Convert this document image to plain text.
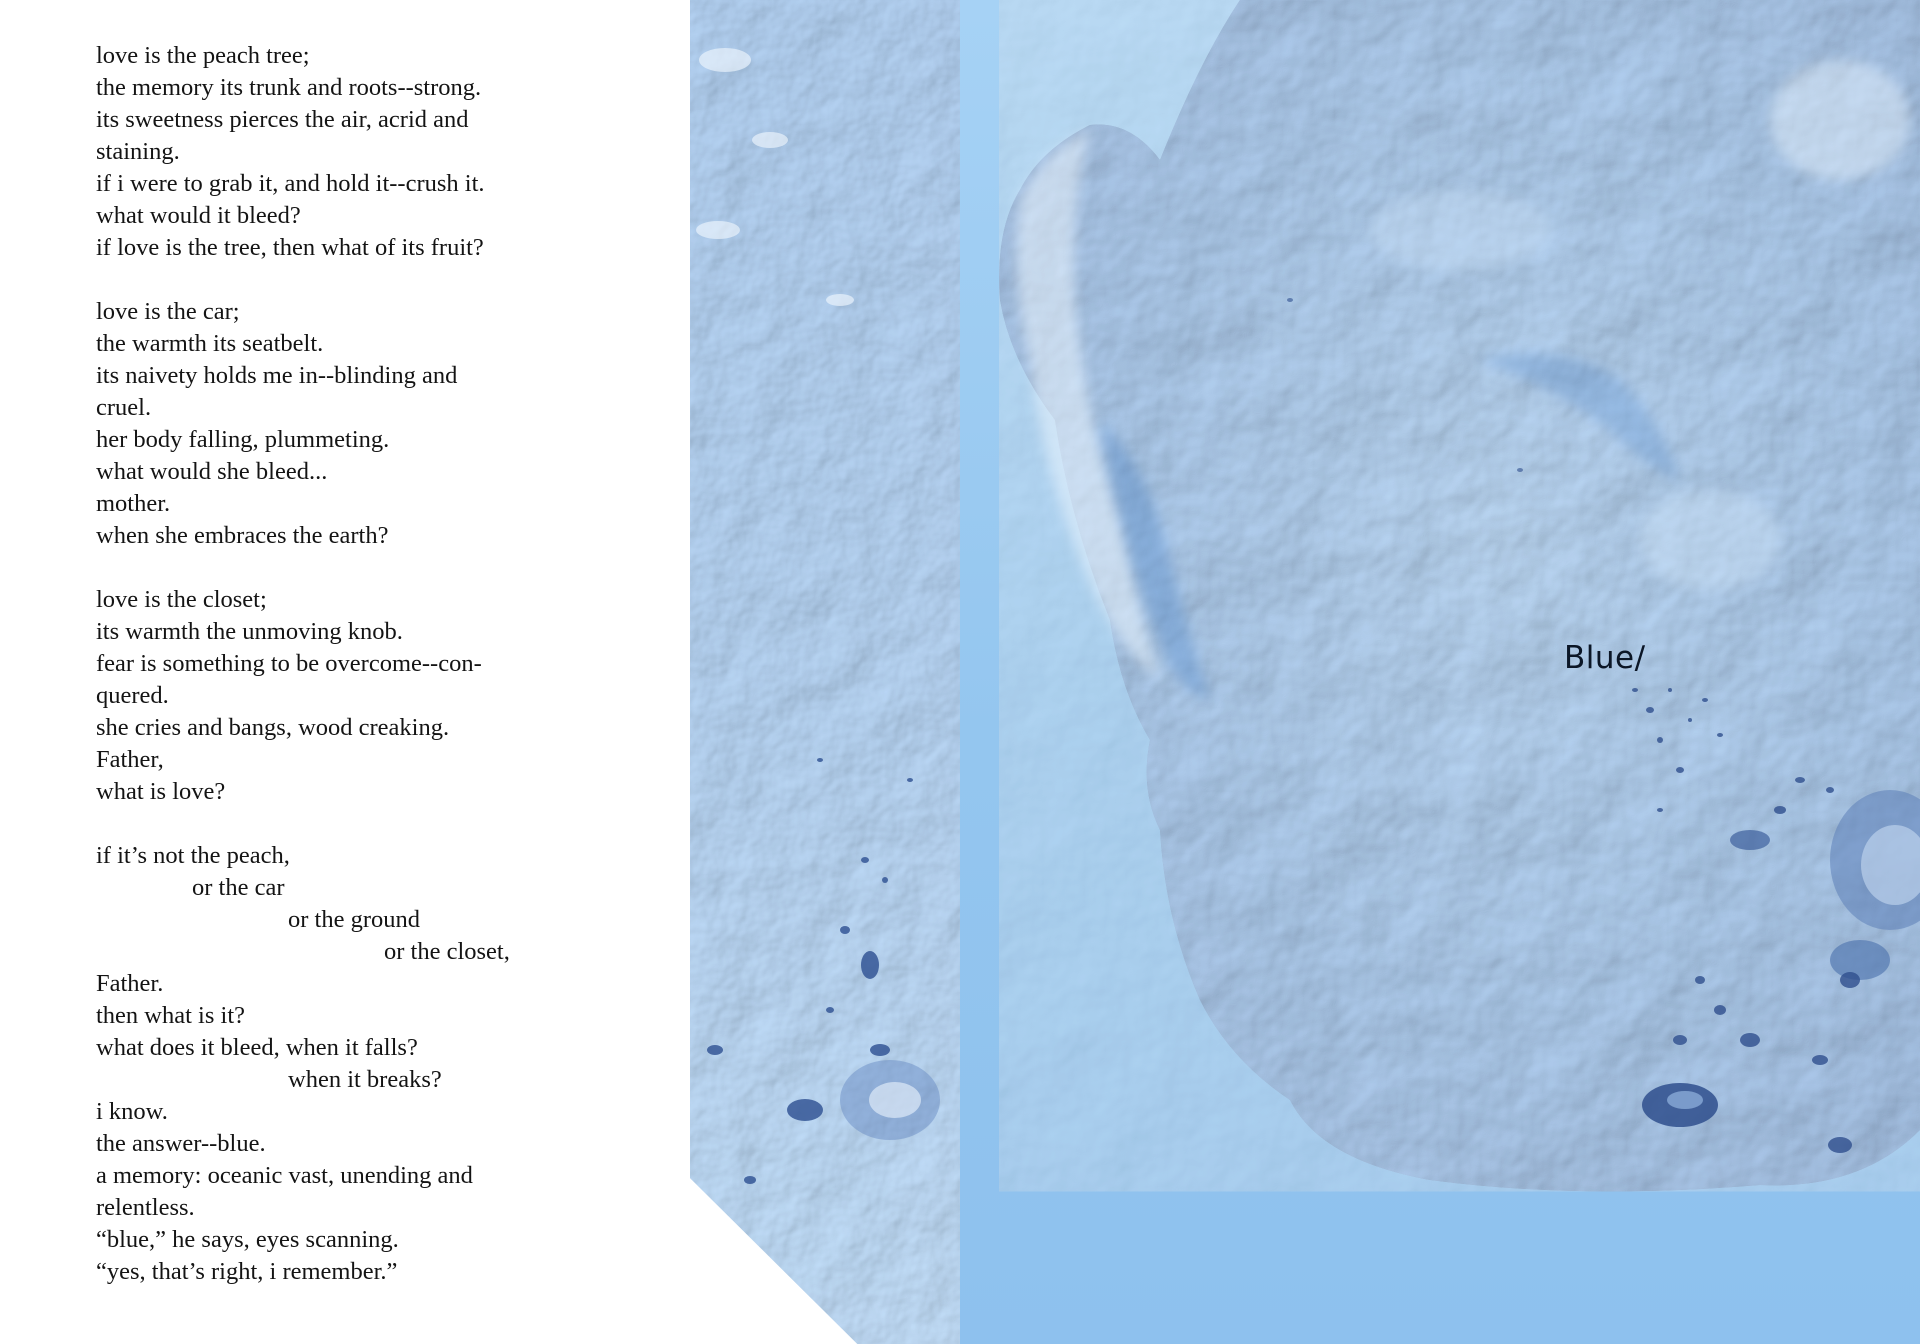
love is the peach tree;
the memory its trunk and roots--strong.
its sweetness pierces the air, acrid and
staining.
if i were to grab it, and hold it--crush it.
what would it bleed?
if love is the tree, then what of its fruit?
love is the car;
the warmth its seatbelt.
its naivety holds me in--blinding and
cruel.
her body falling, plummeting.
what would she bleed...
mother.
when she embraces the earth?
love is the closet;
its warmth the unmoving knob.
fear is something to be overcome--con-
quered.
she cries and bangs, wood creaking.
Father,
what is love?
if it’s not the peach,
or the car
or the ground
or the closet,
Father.
then what is it?
what does it bleed, when it falls?
when it breaks?
i know.
the answer--blue.
a memory: oceanic vast, unending and
relentless.
“blue,” he says, eyes scanning.
“yes, that’s right, i remember.”
Blue/
